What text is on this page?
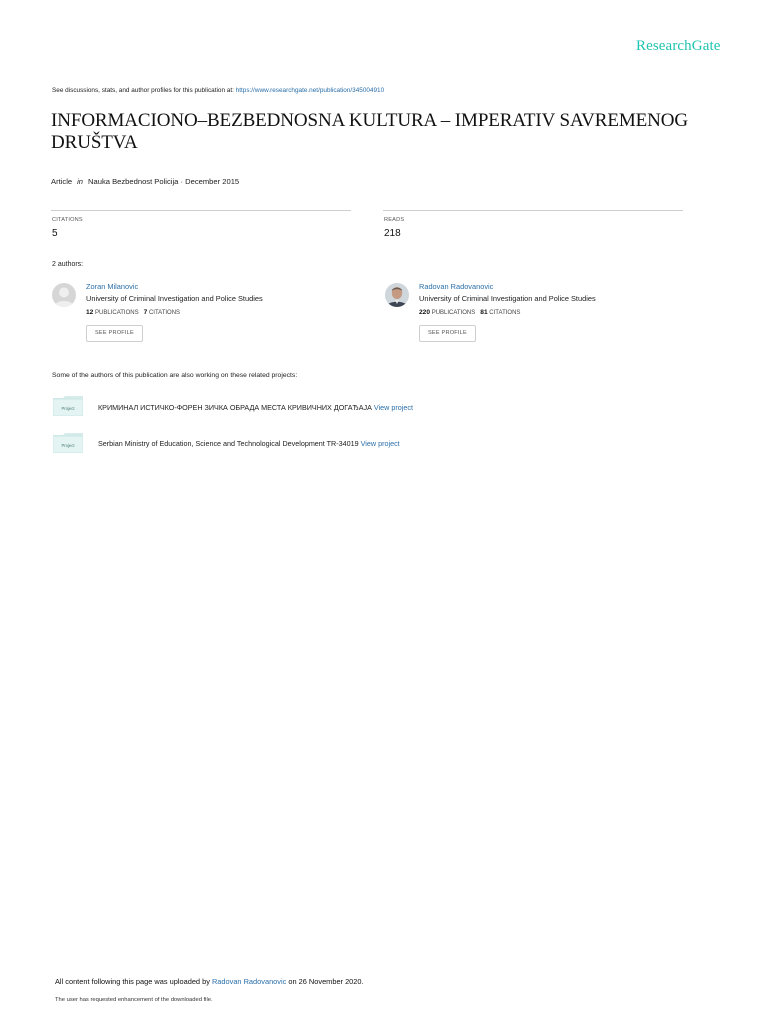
ResearchGate
See discussions, stats, and author profiles for this publication at: https://www.researchgate.net/publication/345004910
INFORMACIONO–BEZBEDNOSNA KULTURA – IMPERATIV SAVREMENOG DRUŠTVA
Article in Nauka Bezbednost Policija · December 2015
CITATIONS
5
READS
218
2 authors:
Zoran Milanovic
University of Criminal Investigation and Police Studies
12 PUBLICATIONS 7 CITATIONS
SEE PROFILE
Radovan Radovanovic
University of Criminal Investigation and Police Studies
220 PUBLICATIONS 81 CITATIONS
SEE PROFILE
Some of the authors of this publication are also working on these related projects:
Project	КРИМИНАЛ ИСТИЧКО-ФОРЕН ЗИЧКА ОБРАДА МЕСТА КРИВИЧНИХ ДОГАЂАЈА View project
Project	Serbian Ministry of Education, Science and Technological Development TR-34019 View project
All content following this page was uploaded by Radovan Radovanovic on 26 November 2020.
The user has requested enhancement of the downloaded file.
